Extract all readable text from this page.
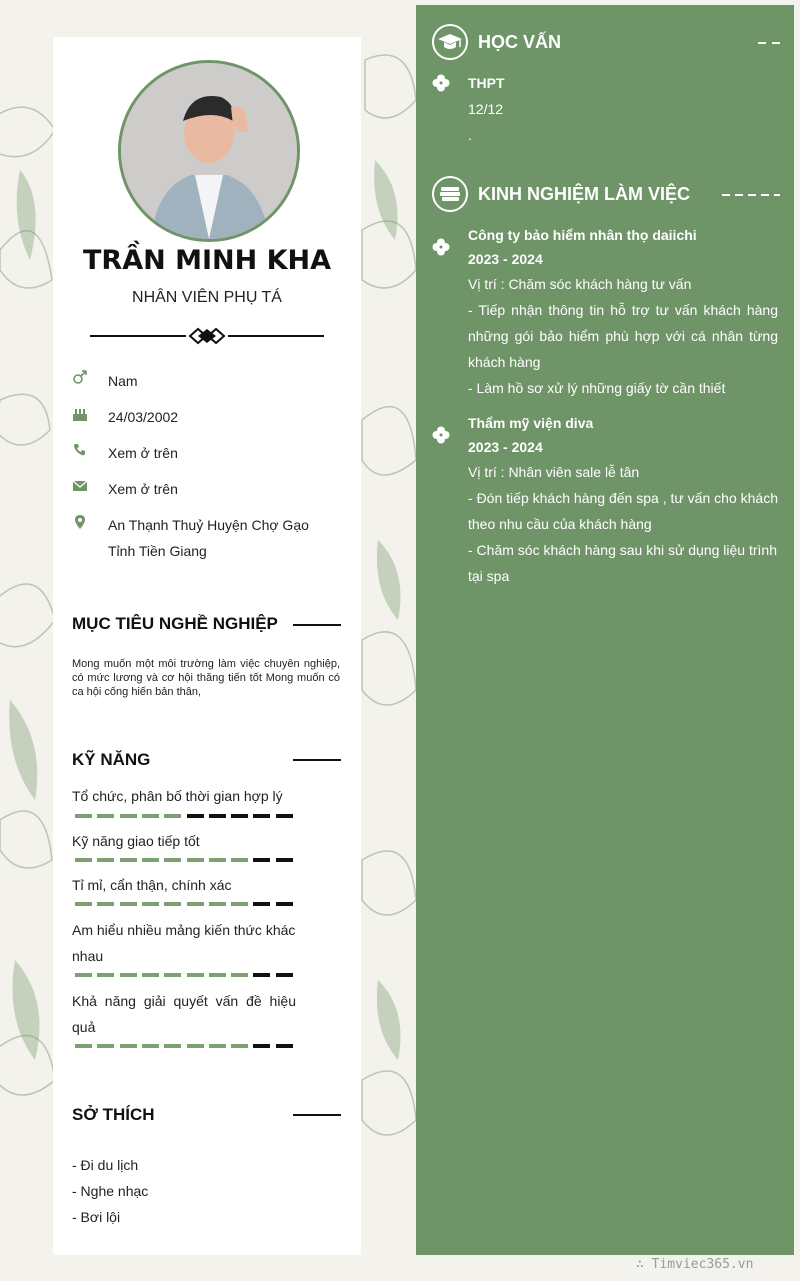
TRẦN MINH KHA
NHÂN VIÊN PHỤ TÁ
Nam
24/03/2002
Xem ở trên
Xem ở trên
An Thạnh Thuỷ Huyện Chợ Gạo
Tỉnh Tiền Giang
MỤC TIÊU NGHỀ NGHIỆP
Mong muốn một môi trường làm việc chuyên nghiệp, có mức lương và cơ hội thăng tiến tốt Mong muốn có ca hội cống hiến bản thân,
KỸ NĂNG
Tổ chức, phân bố thời gian hợp lý
Kỹ năng giao tiếp tốt
Tỉ mỉ, cẩn thận, chính xác
Am hiểu nhiều mảng kiến thức khác nhau
Khả năng giải quyết vấn đề hiệu quả
SỞ THÍCH
- Đi du lịch
- Nghe nhạc
- Bơi lội
HỌC VẤN
THPT
12/12
.
KINH NGHIỆM LÀM VIỆC
Công ty bảo hiểm nhân thọ daiichi
2023 - 2024
Vị trí : Chăm sóc khách hàng tư vấn
- Tiếp nhận thông tin hỗ trợ tư vấn khách hàng những gói bảo hiểm phù hợp với cá nhân từng khách hàng
- Làm hồ sơ xử lý những giấy tờ cần thiết
Thẩm mỹ viện diva
2023 - 2024
Vị trí : Nhân viên sale lễ tân
- Đón tiếp khách hàng đến spa , tư vấn cho khách theo nhu cầu của khách hàng
- Chăm sóc khách hàng sau khi sử dụng liệu trình tại spa
∴ Timviec365.vn
